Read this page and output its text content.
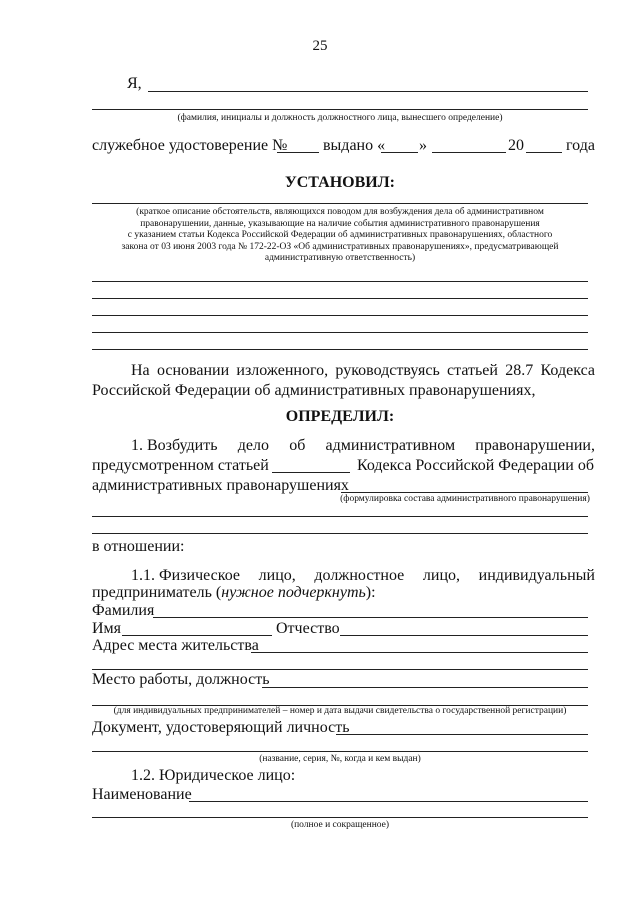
25
Я,
(фамилия, инициалы и должность должностного лица, вынесшего определение)
служебное удостоверение № выдано « »	20	года
УСТАНОВИЛ:
(краткое описание обстоятельств, являющихся поводом для возбуждения дела об административном
правонарушении, данные, указывающие на наличие события административного правонарушения
с указанием статьи Кодекса Российской Федерации об административных правонарушениях, областного
закона от 03 июня 2003 года № 172-22-ОЗ «Об административных правонарушениях», предусматривающей
административную ответственность)
На основании изложенного, руководствуясь статьей 28.7 Кодекса
Российской Федерации об административных правонарушениях,
ОПРЕДЕЛИЛ:
1. Возбудить дело об административном правонарушении,
предусмотренном статьей	Кодекса Российской Федерации об
административных правонарушениях
(формулировка состава административного правонарушения)
в отношении:
1.1. Физическое лицо, должностное лицо, индивидуальный
предприниматель (нужное подчеркнуть):
Фамилия
Имя	Отчество
Адрес места жительства
Место работы, должность
(для индивидуальных предпринимателей – номер и дата выдачи свидетельства о государственной регистрации)
Документ, удостоверяющий личность
(название, серия, №, когда и кем выдан)
1.2. Юридическое лицо:
Наименование
(полное и сокращенное)
